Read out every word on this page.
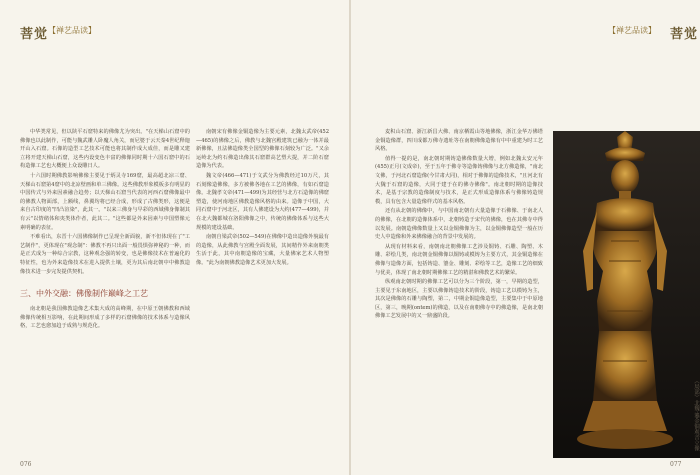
菩觉 【禅艺品读】

中华类常见，但以陕平石窟特来的佛像尤为突出。"在天梯山石窟中的佛像也以此制作，可能与魏武雕人卧魔人角关，而尼婆于云天秦4世纪释迦开山入石窟。石像的造型工艺技术可能也将其制作成大成佳，而是雕又建立将开建天梯山石窟，这些内设变色丰富的佛像同时期十六国石窟中的石构造像工艺也大概便上众设雕日人。

十六国时期佛教影响佛像主要见于炳灵寺169窟，最高超北凉三窟、天梯山石窟第4窟中的北凉壁画和单三佛像。这些佛教形象模板多有明显的中国传式与外来因素融合趋势；以天梯山石窟当代表的河西石窟佛像最中的佛教人物面部，上额线，鼻翼均将已经合成，形成了古佛类形，这便是来自古印度的"凹凸渲染"，此其一。"以来三佛身与早彩的西域佛身像制其有云"以情绪体和夷类体作者，此其二。"这些都是外来因素与中国塑像元素明确的表征。

不难看出，东晋十六国佛像制作已呈现全新面貌，新不但体现在了"工艺制作"，更体现在"观念制"：佛教不再只出面一般畏惧弥神秘的一种，而是正式成为一种综合宗教，这种观念强的转变，也是佛像技术在普遍化的特征性，也为外来造像技术在进入提供土壤，更为其后南北朝中中佛教造像技术进一步完发提供契机。

三、中外交融：佛像制作巅峰之工艺

南北朝是我国佛教造像艺术集大成的高峰期，在中原王朝佛教和西域佛像传统相互影响，在此期间形成了多样的石窟佛像的技术体系与造像风格，工艺也愈加趋于成熟与规范化。

南朝宋有佛像金铜造像为主要元素，北魏太武帝(452—465)的佛像之后，佛教与北魏宫殿建筑已融为一体并最新佛像，且法佛造像类全国型的佛像石刻较为广泛。"又余运岭北为约石佛造出像其石窟群高艺塑大提，并二阶石窟造像为代表。

魏文帝(466—471)于文武分为佛教经过10万尺，其石刻像造佛像，多方被佛各地在工艺的佛像，有如石窟造像。北魏孝文帝(471—499)为其经营与北方石造像的佛窟塑造，使河南地区佛教造像风格的由来。造像于中国，大同石窟中于河北区，其有人佛建设为大约(477—499)，并在北大魏都城在洛阳佛像之中，传统的佛像体系与这些大规模的建设基础。

南朝自梁武帝(502—549)在佛像中造出造像外貌最有的造像，从此佛教与宫殿全面发展，其间精作外来南朝类生活于此，其中南朝造像的宝藏，大量佛家艺术人物塑像。"此为南朝佛教造像艺术更加大发展。

076
【禅艺品读】 菩觉

麦积山石窟、浙江新昌大佛、南京栖霞山等地佛像，浙江金华万佛塔金铜造像群，四川成都万佛寺遗址等在南朝佛像造像有中中重建为时工艺风格。

值得一提的是，南北朝时期铸造佛像数量大增，例如北魏太安元年(455)正月(文成帝)，至于五年于佛寺等造像铸佛像与北方佛造像，"南北文佛，于河北石窟造像(今甘肃大同)，相对于佛像的造像技术，"且河北有大魏于石窟的造像，大同于建于在的佛寺佛像"。南北朝时期的造像技术，是基于宗教的造像制度与技术，是正式形成造像体系与佛像铸造规模，具有包含大量造像样式的基本风格。

还有从北朝的佛像中，与中国南北朝有大量造像于石佛像、于南北人的佛像，在北朝的造像体系中，北朝铸造于宋代的佛像，也在其佛寺中得以发展。南朝造佛像数量上又以金铜佛像为主，以金铜佛像造型一般在历史人中造像和外来佛像融合的背景中发展的。

从现有材料来看，南朝南北朝佛像工艺涉及铜铸、石雕、陶塑、木雕、彩绘几类，南北朝金铜佛像以铜铸或模铸为主要方式，其金铜造像在佛像与造像方面，包括铸造、鎏金、雕刻、彩绘等工艺，造像工艺的细致与优美，体现了南北朝时期佛像工艺的精湛和佛教艺术的繁荣。

纵观南北朝时期的佛像工艺可以分为三个阶段，第一，早期的造型，主要见于东南地区，主要以佛像铸造技术的阶段，铸造工艺以模铸为主，其次是佛像的石雕与陶塑，第二，中期金铜造像造型，主要集中于中原地区，第三，晚期(ontem)的佛造，以及在南朝佛寺中的佛造像，是南北朝佛像工艺发展中的又一鼎盛阶段。

（局部）北魏·鎏金铜观音立像
077
